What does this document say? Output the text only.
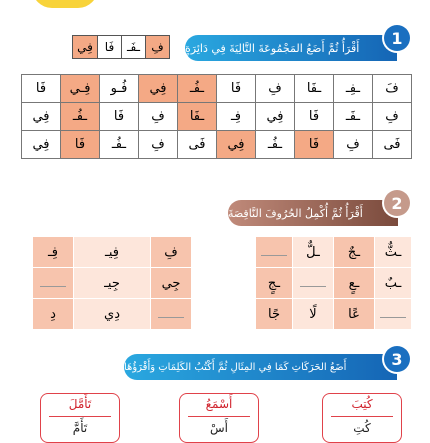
أَقْرَأُ ثُمَّ أَضَعُ المَجْمُوعَةَ التَّالِيَةَ فِي دَائِرَةٍ
1
فِي فَا	ـفَـ فِ
فَا	فِـي	فُـو	فِي	ـفُـ	فَا	فِ	ـفَا	ـفِـ	فَ
فِي	ـفُـ	فَا	فِ	ـفَا	فِـ	فِي	فَا	ـفَـ	فِ
فِي	فَا	ـفُـ	فِ	فَى	فِي	ـفُـ	فَا	فِ	فَى
أَقْرَأُ ثُمَّ أُكْمِلُ الحُرُوفَ النَّاقِصَةَ
2
فِـ	فِيـ	فِ
	جِيـ	جِي
دِ	دِي	
	ـلٌّ	ـجٌ	ـثٌّ
ـجٍ		ـعٍ	ـبٌ
جًا	لًا	عًا	
أَضَعُ الحَرَكَاتِ كَمَا فِي المِثَالِ ثُمَّ أَكْتُبُ الكَلِمَاتِ وَأَقْرَؤُهَا	3
تَأَمَّلَ
تَأَمَّ
أَسْمَعُ
أَسْ
كُتِبَ
كُتِ
